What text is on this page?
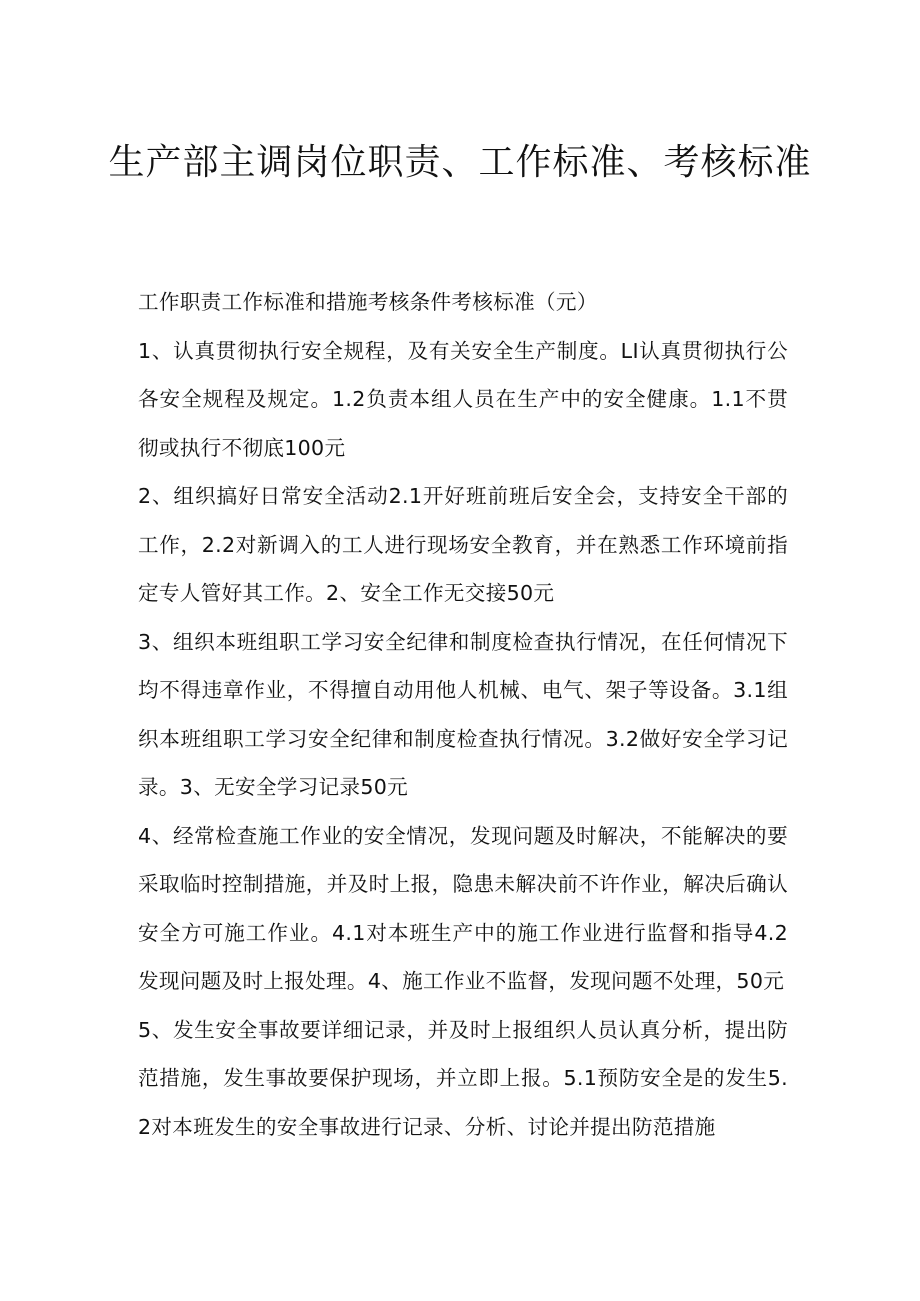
生产部主调岗位职责、工作标准、考核标准

工作职责工作标准和措施考核条件考核标准（元）

1、认真贯彻执行安全规程，及有关安全生产制度。LI认真贯彻执行公各安全规程及规定。1.2负责本组人员在生产中的安全健康。1.1不贯彻或执行不彻底100元

2、组织搞好日常安全活动2.1开好班前班后安全会，支持安全干部的工作，2.2对新调入的工人进行现场安全教育，并在熟悉工作环境前指定专人管好其工作。2、安全工作无交接50元

3、组织本班组职工学习安全纪律和制度检查执行情况，在任何情况下均不得违章作业，不得擅自动用他人机械、电气、架子等设备。3.1组织本班组职工学习安全纪律和制度检查执行情况。3.2做好安全学习记录。3、无安全学习记录50元

4、经常检查施工作业的安全情况，发现问题及时解决，不能解决的要采取临时控制措施，并及时上报，隐患未解决前不许作业，解决后确认安全方可施工作业。4.1对本班生产中的施工作业进行监督和指导4.2发现问题及时上报处理。4、施工作业不监督，发现问题不处理，50元

5、发生安全事故要详细记录，并及时上报组织人员认真分析，提出防范措施，发生事故要保护现场，并立即上报。5.1预防安全是的发生5.2对本班发生的安全事故进行记录、分析、讨论并提出防范措施
